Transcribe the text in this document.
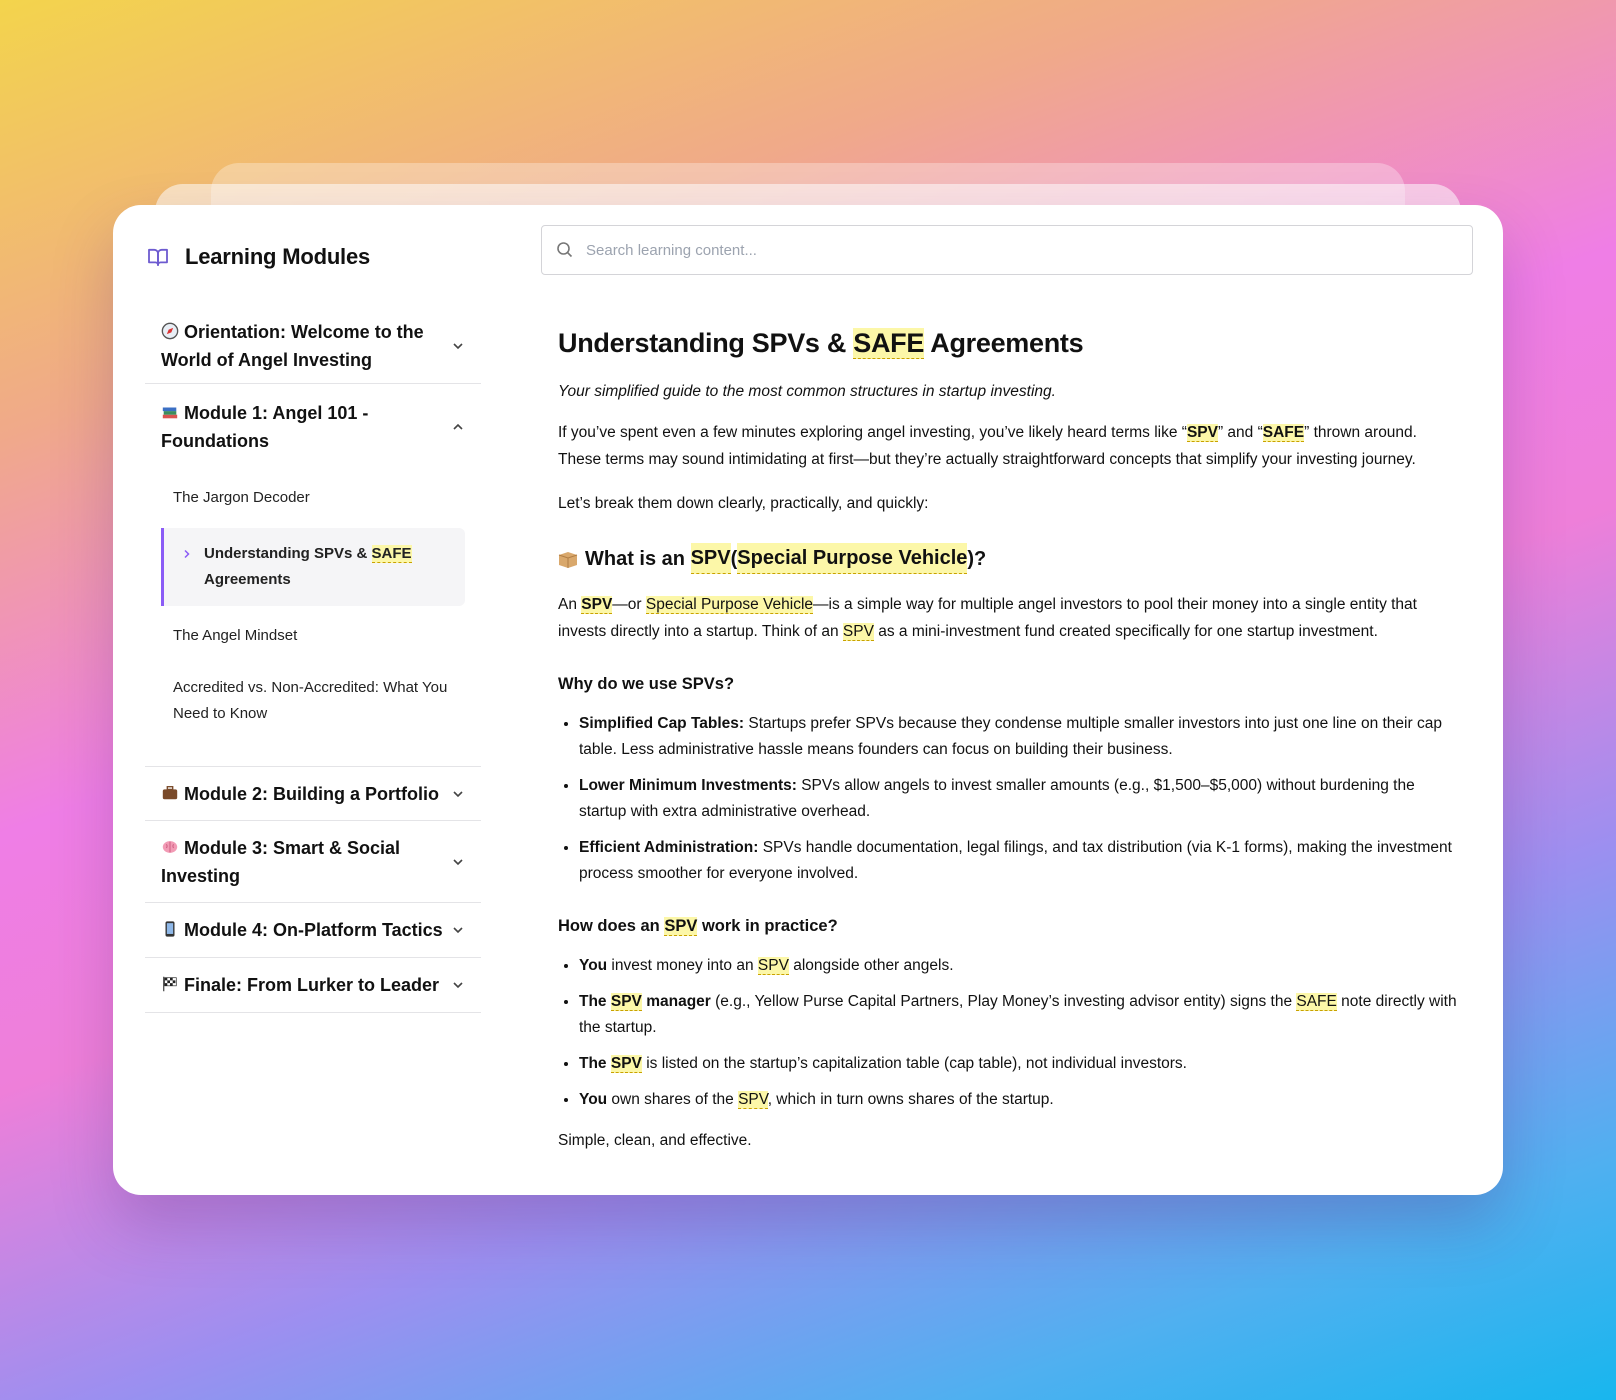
Learning Modules
Orientation: Welcome to the World of Angel Investing
Module 1: Angel 101 - Foundations
The Jargon Decoder
Understanding SPVs & SAFE Agreements
The Angel Mindset
Accredited vs. Non-Accredited: What You Need to Know
Module 2: Building a Portfolio
Module 3: Smart & Social Investing
Module 4: On-Platform Tactics
Finale: From Lurker to Leader
Search learning content...
Understanding SPVs & SAFE Agreements
Your simplified guide to the most common structures in startup investing.

If you’ve spent even a few minutes exploring angel investing, you’ve likely heard terms like “SPV” and “SAFE” thrown around. These terms may sound intimidating at first—but they’re actually straightforward concepts that simplify your investing journey.

Let’s break them down clearly, practically, and quickly:

What is an
SPV ( Special Purpose Vehicle )?

An SPV—or Special Purpose Vehicle—is a simple way for multiple angel investors to pool their money into a single entity that invests directly into a startup. Think of an SPV as a mini-investment fund created specifically for one startup investment.

Why do we use SPVs?
• Simplified Cap Tables: Startups prefer SPVs because they condense multiple smaller investors into just one line on their cap table. Less administrative hassle means founders can focus on building their business.
• Lower Minimum Investments: SPVs allow angels to invest smaller amounts (e.g., $1,500–$5,000) without burdening the startup with extra administrative overhead.
• Efficient Administration: SPVs handle documentation, legal filings, and tax distribution (via K-1 forms), making the investment process smoother for everyone involved.
How does an SPV work in practice?
• You invest money into an SPV alongside other angels.
• The SPV manager (e.g., Yellow Purse Capital Partners, Play Money’s investing advisor entity) signs the SAFE note directly with the startup.
• The SPV is listed on the startup’s capitalization table (cap table), not individual investors.
• You own shares of the SPV, which in turn owns shares of the startup.

Simple, clean, and effective.
